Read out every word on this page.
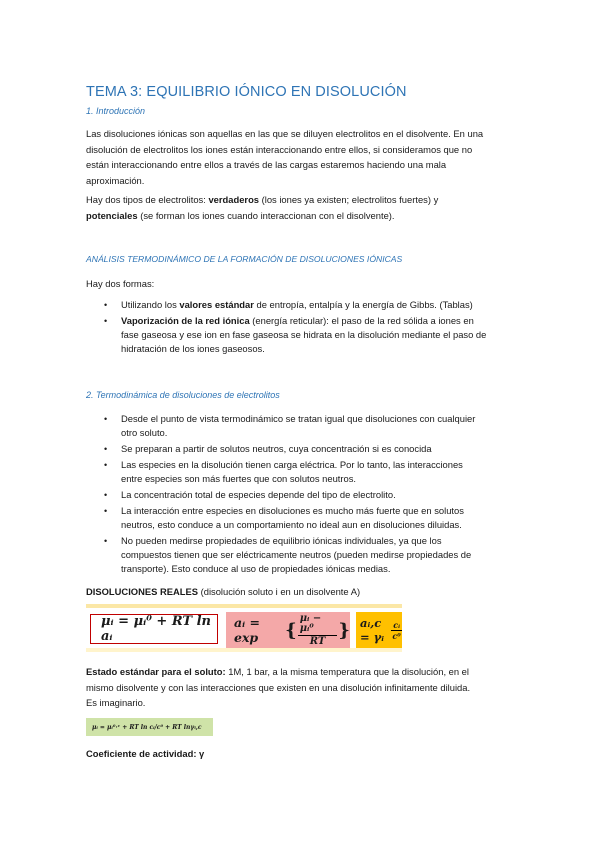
TEMA 3: EQUILIBRIO IÓNICO EN DISOLUCIÓN
1. Introducción
Las disoluciones iónicas son aquellas en las que se diluyen electrolitos en el disolvente. En una
disolución de electrolitos los iones están interaccionando entre ellos, si consideramos que no
están interaccionando entre ellos a través de las cargas estaremos haciendo una mala
aproximación.
Hay dos tipos de electrolitos: verdaderos (los iones ya existen; electrolitos fuertes) y
potenciales (se forman los iones cuando interaccionan con el disolvente).
ANÁLISIS TERMODINÁMICO DE LA FORMACIÓN DE DISOLUCIONES IÓNICAS
Hay dos formas:
• Utilizando los valores estándar de entropía, entalpía y la energía de Gibbs. (Tablas)
• Vaporización de la red iónica (energía reticular): el paso de la red sólida a iones en
fase gaseosa y ese ion en fase gaseosa se hidrata en la disolución mediante el paso de
hidratación de los iones gaseosos.
2. Termodinámica de disoluciones de electrolitos
• Desde el punto de vista termodinámico se tratan igual que disoluciones con cualquier
otro soluto.
• Se preparan a partir de solutos neutros, cuya concentración si es conocida
• Las especies en la disolución tienen carga eléctrica. Por lo tanto, las interacciones
entre especies son más fuertes que con solutos neutros.
• La concentración total de especies depende del tipo de electrolito.
• La interacción entre especies en disoluciones es mucho más fuerte que en solutos
neutros, esto conduce a un comportamiento no ideal aun en disoluciones diluidas.
• No pueden medirse propiedades de equilibrio iónicas individuales, ya que los
compuestos tienen que ser eléctricamente neutros (pueden medirse propiedades de
transporte). Esto conduce al uso de propiedades iónicas medias.
DISOLUCIONES REALES (disolución soluto i en un disolvente A)
μᵢ = μᵢ⁰ + RT ln aᵢ
aᵢ = exp	{ $\frac{\text{μᵢ − μᵢ⁰}}{RT}$ } aᵢ,c = γᵢ $\frac{\text{cᵢ}}{\text{c⁰}}$
Estado estándar para el soluto: 1M, 1 bar, a la misma temperatura que la disolución, en el
mismo disolvente y con las interacciones que existen en una disolución infinitamente diluida.
Es imaginario.
μᵢ = μᵢ⁰·ᶜ + RT ln cᵢ/c⁰ + RT lnγᵢ,c
Coeficiente de actividad: γ
